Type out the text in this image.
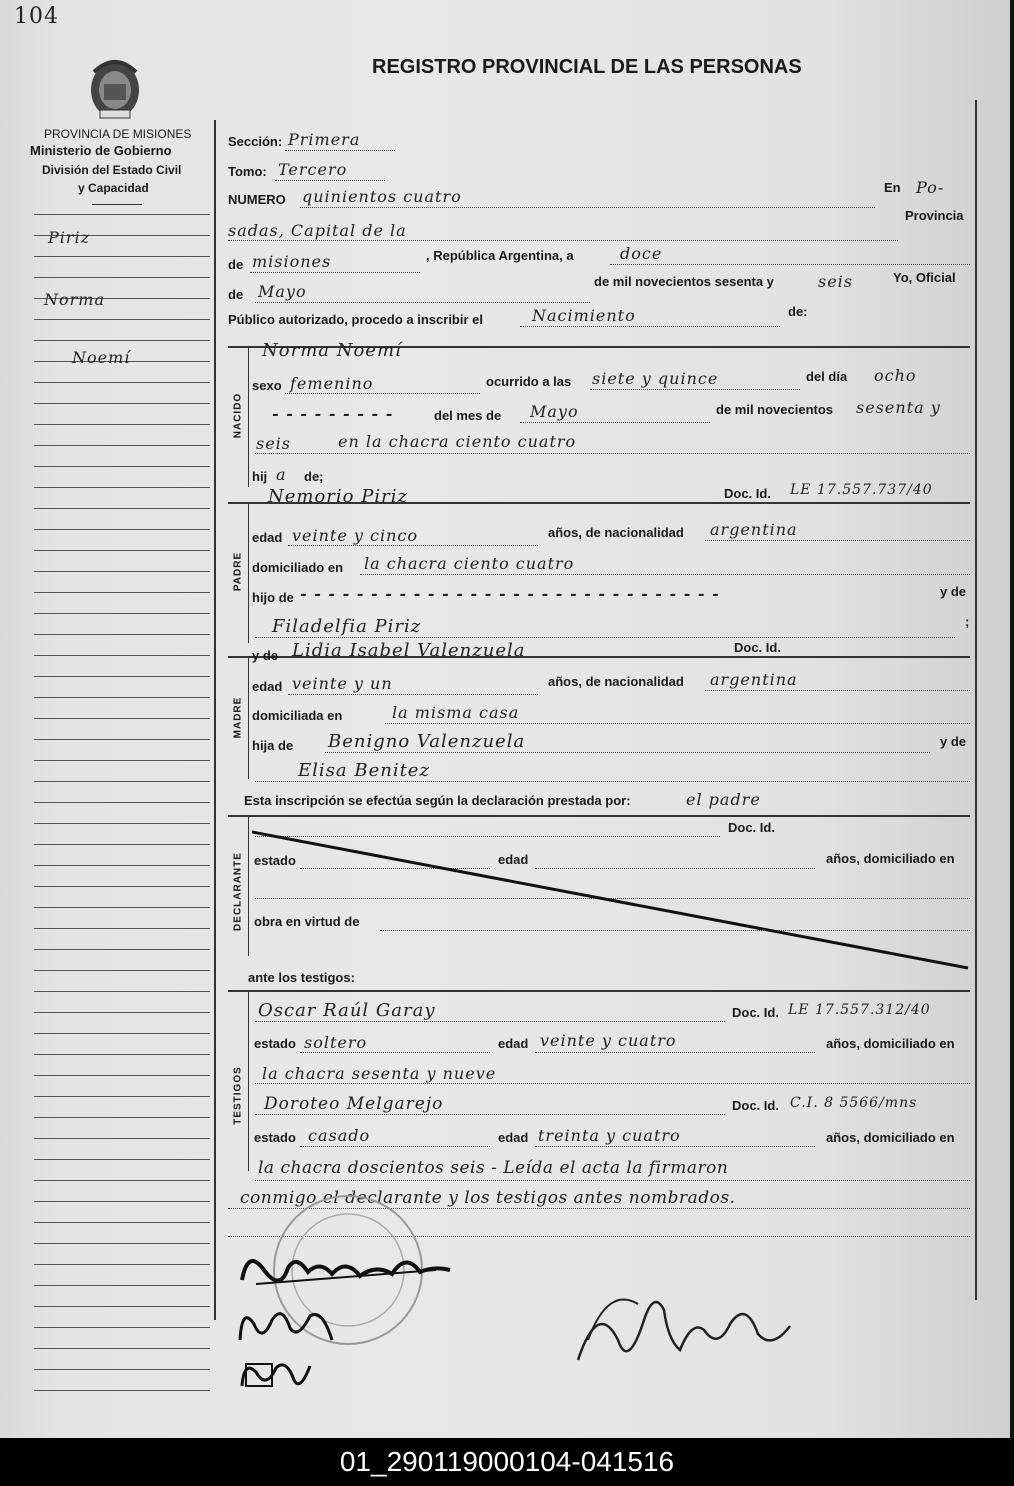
104
PROVINCIA DE MISIONES
Ministerio de Gobierno
División del Estado Civil
y Capacidad
REGISTRO PROVINCIAL DE LAS PERSONAS
Piriz
Norma
Noemí
Sección: Primera
Tomo: Tercero
NUMERO quinientos cuatro	En Po-
sadas, Capital de la
Provincia
de misiones	, República Argentina, a	doce
de Mayo
de mil novecientos sesenta y	seis	Yo, Oficial
Público autorizado, procedo a inscribir el	Nacimiento	de:
NACIDO
Norma Noemí
sexo femenino	ocurrido a las siete y quince	del día ocho
- - - - - - - - -	del mes de Mayo	de mil novecientos sesenta y
seis	en la chacra ciento cuatro
hij a de;
PADRE
Nemorio Piriz	Doc. Id. LE 17.557.737/40
edad veinte y cinco	años, de nacionalidad argentina
domiciliado en la chacra ciento cuatro
hijo de - - - - - - - - - - - - - - - - - - - - - - - - - - - - - -	y de
Filadelfia Piriz	;
MADRE
y de Lidia Isabel Valenzuela	Doc. Id.
edad veinte y un	años, de nacionalidad argentina
domiciliada en	la misma casa
hija de Benigno Valenzuela	y de
Elisa Benitez
Esta inscripción se efectúa según la declaración prestada por:	el padre
DECLARANTE
Doc. Id.
estado	edad	años, domiciliado en
obra en virtud de
ante los testigos:
TESTIGOS
Oscar Raúl Garay	Doc. Id. LE 17.557.312/40
estado soltero	edad veinte y cuatro	años, domiciliado en
la chacra sesenta y nueve
Doroteo Melgarejo	Doc. Id. C.I. 8 5566/mns
estado casado	edad treinta y cuatro	años, domiciliado en
la chacra doscientos seis - Leída el acta la firmaron
conmigo el declarante y los testigos antes nombrados.
01_290119000104-041516
